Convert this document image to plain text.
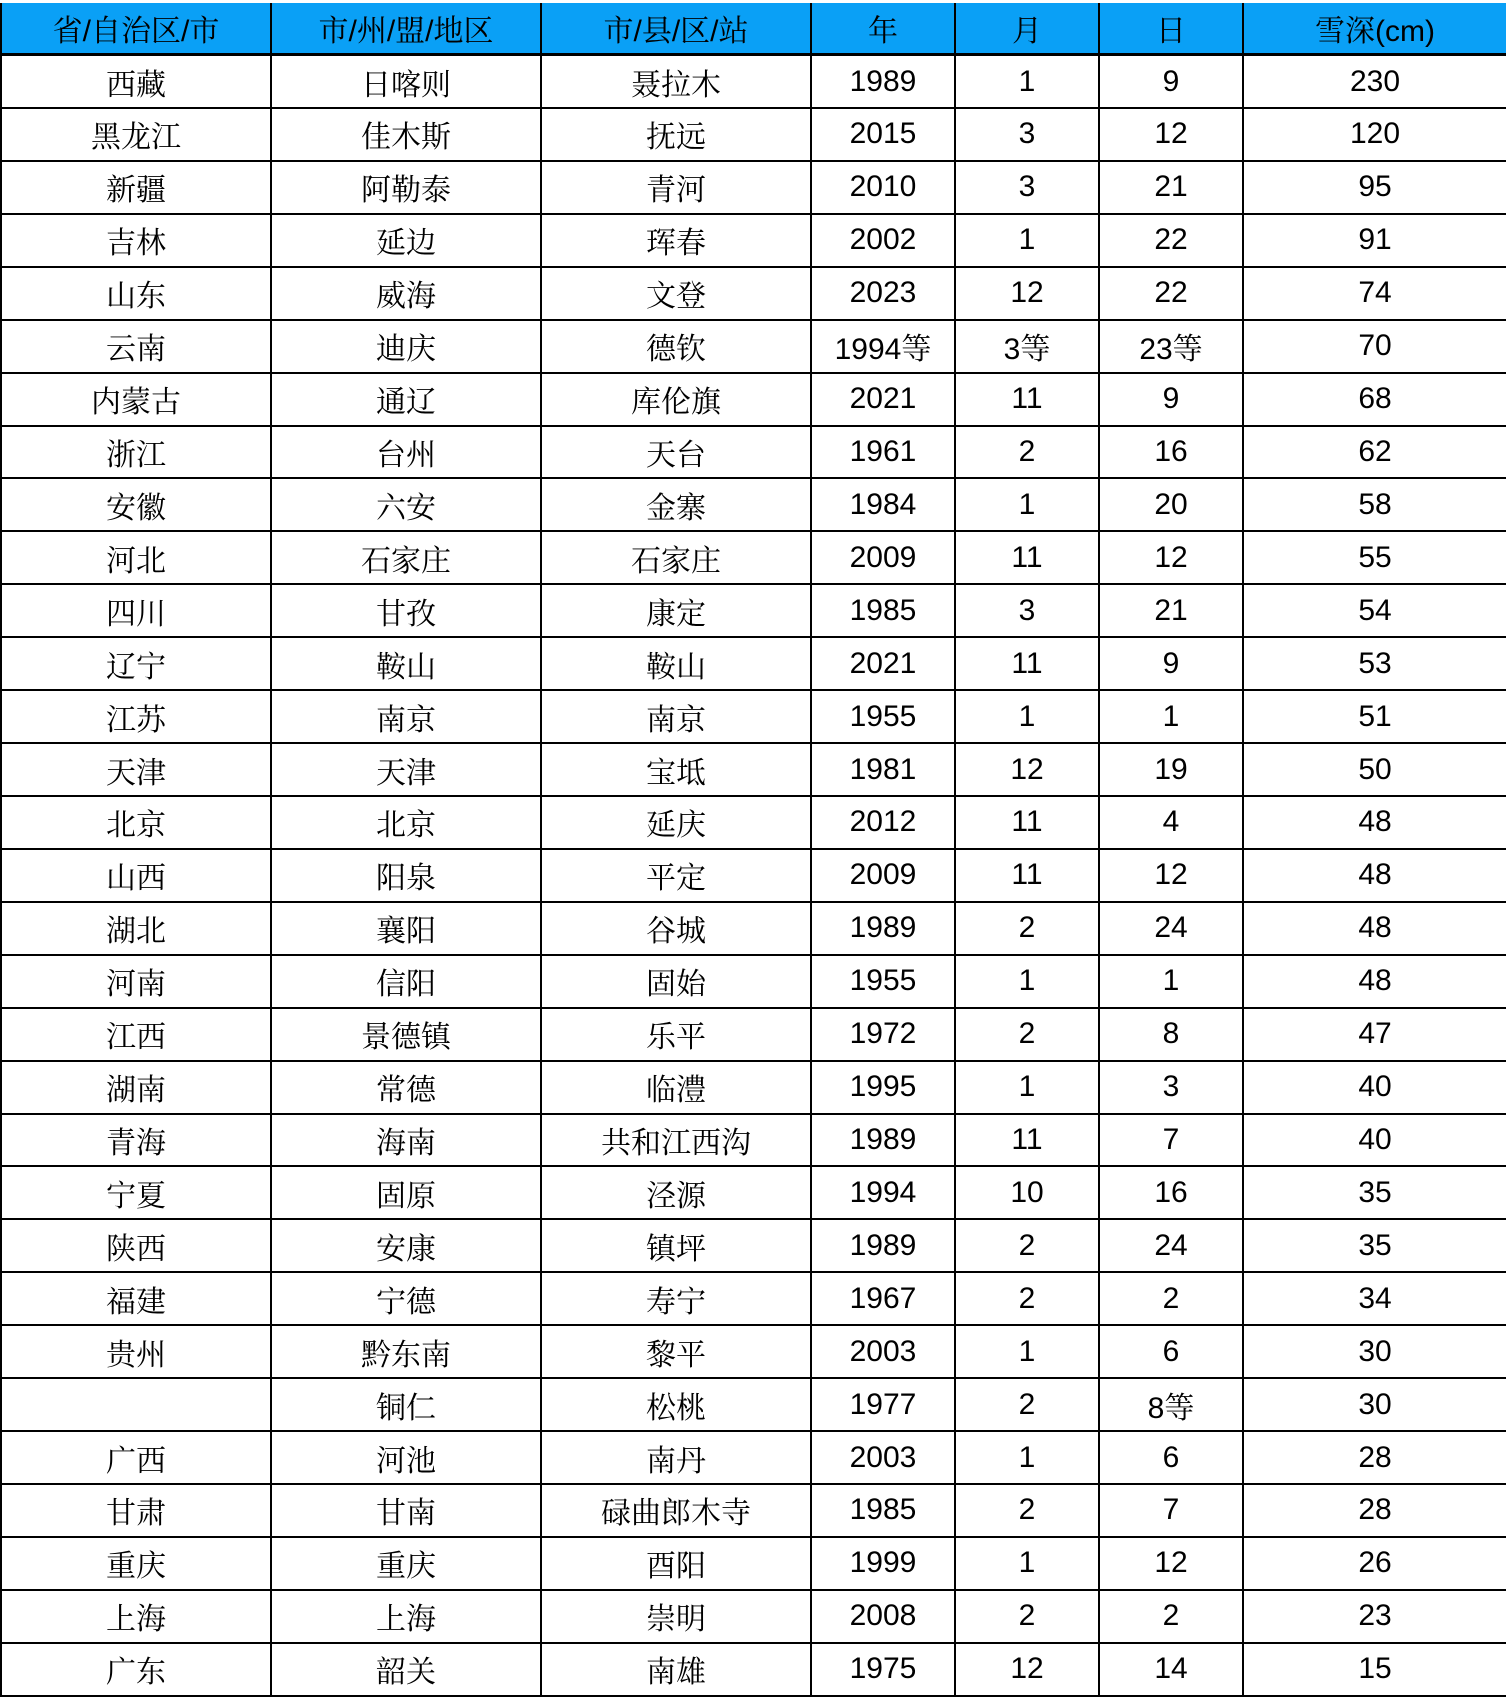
省/自治区/市	市/州/盟/地区	市/县/区/站	年	月	日	雪深(cm)
西藏	日喀则	聂拉木	1989	1	9	230
黑龙江	佳木斯	抚远	2015	3	12	120
新疆	阿勒泰	青河	2010	3	21	95
吉林	延边	珲春	2002	1	22	91
山东	威海	文登	2023	12	22	74
云南	迪庆	德钦	1994等	3等	23等	70
内蒙古	通辽	库伦旗	2021	11	9	68
浙江	台州	天台	1961	2	16	62
安徽	六安	金寨	1984	1	20	58
河北	石家庄	石家庄	2009	11	12	55
四川	甘孜	康定	1985	3	21	54
辽宁	鞍山	鞍山	2021	11	9	53
江苏	南京	南京	1955	1	1	51
天津	天津	宝坻	1981	12	19	50
北京	北京	延庆	2012	11	4	48
山西	阳泉	平定	2009	11	12	48
湖北	襄阳	谷城	1989	2	24	48
河南	信阳	固始	1955	1	1	48
江西	景德镇	乐平	1972	2	8	47
湖南	常德	临澧	1995	1	3	40
青海	海南	共和江西沟	1989	11	7	40
宁夏	固原	泾源	1994	10	16	35
陕西	安康	镇坪	1989	2	24	35
福建	宁德	寿宁	1967	2	2	34
贵州	黔东南	黎平	2003	1	6	30
	铜仁	松桃	1977	2	8等	30
广西	河池	南丹	2003	1	6	28
甘肃	甘南	碌曲郎木寺	1985	2	7	28
重庆	重庆	酉阳	1999	1	12	26
上海	上海	崇明	2008	2	2	23
广东	韶关	南雄	1975	12	14	15
